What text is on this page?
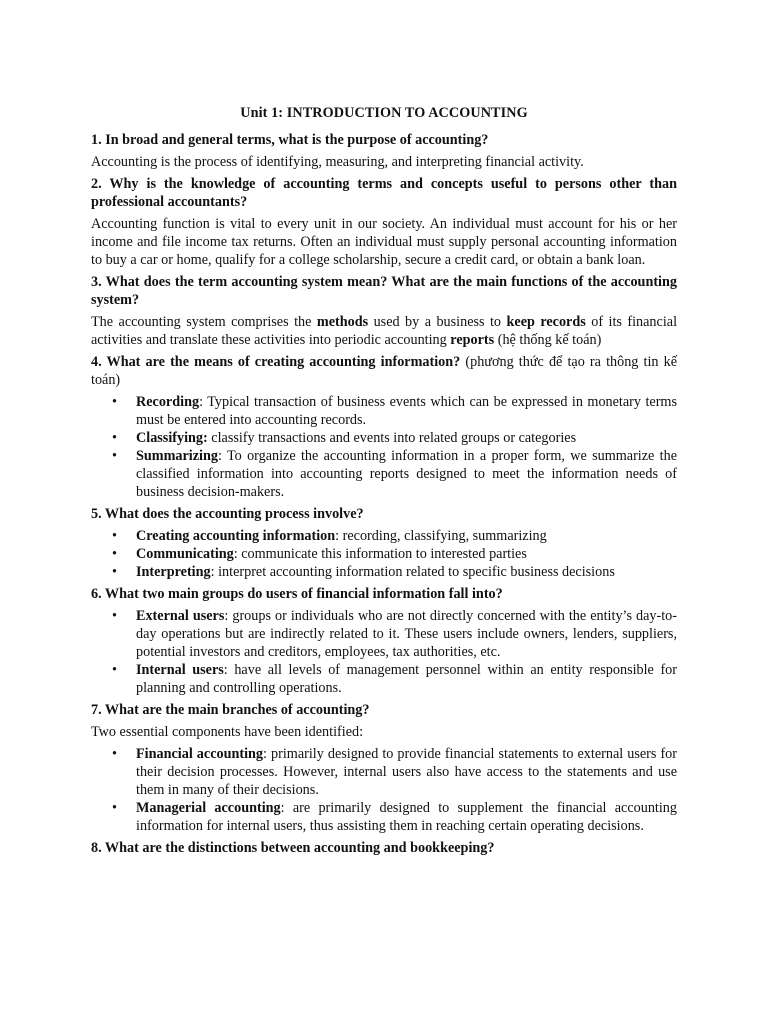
Unit 1: INTRODUCTION TO ACCOUNTING
1. In broad and general terms, what is the purpose of accounting?
Accounting is the process of identifying, measuring, and interpreting financial activity.
2. Why is the knowledge of accounting terms and concepts useful to persons other than professional accountants?
Accounting function is vital to every unit in our society. An individual must account for his or her income and file income tax returns. Often an individual must supply personal accounting information to buy a car or home, qualify for a college scholarship, secure a credit card, or obtain a bank loan.
3. What does the term accounting system mean? What are the main functions of the accounting system?
The accounting system comprises the methods used by a business to keep records of its financial activities and translate these activities into periodic accounting reports (hệ thống kế toán)
4. What are the means of creating accounting information? (phương thức để tạo ra thông tin kế toán)
• Recording: Typical transaction of business events which can be expressed in monetary terms must be entered into accounting records.
• Classifying: classify transactions and events into related groups or categories
• Summarizing: To organize the accounting information in a proper form, we summarize the classified information into accounting reports designed to meet the information needs of business decision-makers.
5. What does the accounting process involve?
• Creating accounting information: recording, classifying, summarizing
• Communicating: communicate this information to interested parties
• Interpreting: interpret accounting information related to specific business decisions
6. What two main groups do users of financial information fall into?
• External users: groups or individuals who are not directly concerned with the entity’s day-to-day operations but are indirectly related to it. These users include owners, lenders, suppliers, potential investors and creditors, employees, tax authorities, etc.
• Internal users: have all levels of management personnel within an entity responsible for planning and controlling operations.
7. What are the main branches of accounting?
Two essential components have been identified:
• Financial accounting: primarily designed to provide financial statements to external users for their decision processes. However, internal users also have access to the statements and use them in many of their decisions.
• Managerial accounting: are primarily designed to supplement the financial accounting information for internal users, thus assisting them in reaching certain operating decisions.
8. What are the distinctions between accounting and bookkeeping?
